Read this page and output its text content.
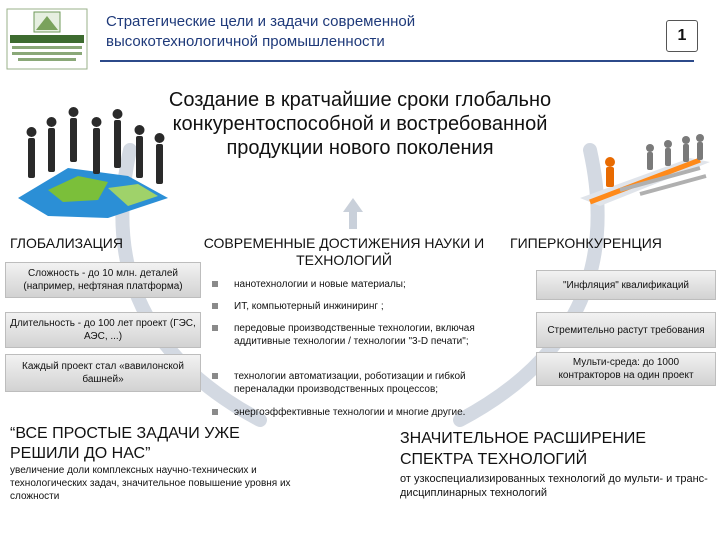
Стратегические цели и задачи современной высокотехнологичной промышленности	1
Создание в кратчайшие сроки глобально конкурентоспособной и востребованной продукции нового поколения
ГЛОБАЛИЗАЦИЯ	СОВРЕМЕННЫЕ ДОСТИЖЕНИЯ НАУКИ И ТЕХНОЛОГИЙ
ГИПЕРКОНКУРЕНЦИЯ
Сложность - до 10 млн. деталей (например, нефтяная платформа)
Длительность - до 100 лет проект (ГЭС, АЭС, ...)
Каждый проект стал «вавилонской башней»
"Инфляция" квалификаций
Стремительно растут требования
Мульти-среда: до 1000 контракторов на один проект
нанотехнологии и новые материалы;
ИТ, компьютерный инжиниринг ;
передовые производственные технологии, включая аддитивные технологии / технологии "3-D печати";
технологии автоматизации, роботизации и гибкой переналадки производственных процессов;
энергоэффективные технологии и многие другие.
“ВСЕ ПРОСТЫЕ ЗАДАЧИ УЖЕ РЕШИЛИ ДО НАС”
увеличение доли комплексных научно-технических и технологических задач, значительное повышение уровня их сложности
ЗНАЧИТЕЛЬНОЕ РАСШИРЕНИЕ СПЕКТРА ТЕХНОЛОГИЙ
от узкоспециализированных технологий до мульти- и транс- дисциплинарных технологий
